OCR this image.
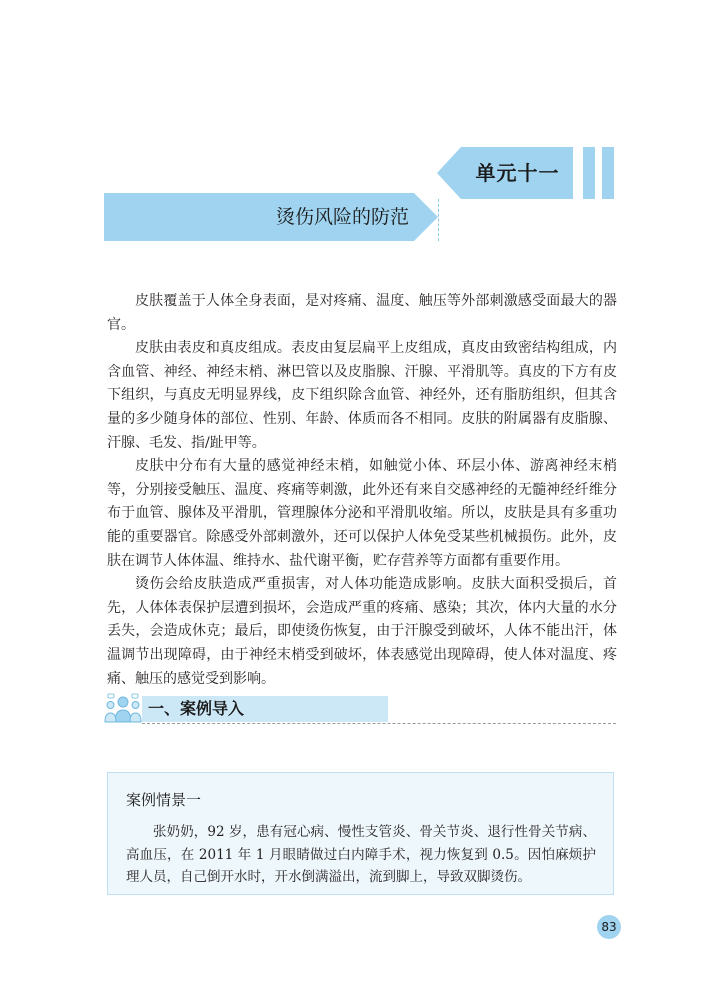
单元十一
烫伤风险的防范

皮肤覆盖于人体全身表面，是对疼痛、温度、触压等外部刺激感受面最大的器官。

皮肤由表皮和真皮组成。表皮由复层扁平上皮组成，真皮由致密结构组成，内含血管、神经、神经末梢、淋巴管以及皮脂腺、汗腺、平滑肌等。真皮的下方有皮下组织，与真皮无明显界线，皮下组织除含血管、神经外，还有脂肪组织，但其含量的多少随身体的部位、性别、年龄、体质而各不相同。皮肤的附属器有皮脂腺、汗腺、毛发、指/趾甲等。

皮肤中分布有大量的感觉神经末梢，如触觉小体、环层小体、游离神经末梢等，分别接受触压、温度、疼痛等刺激，此外还有来自交感神经的无髓神经纤维分布于血管、腺体及平滑肌，管理腺体分泌和平滑肌收缩。所以，皮肤是具有多重功能的重要器官。除感受外部刺激外，还可以保护人体免受某些机械损伤。此外，皮肤在调节人体体温、维持水、盐代谢平衡，贮存营养等方面都有重要作用。

烫伤会给皮肤造成严重损害，对人体功能造成影响。皮肤大面积受损后，首先，人体体表保护层遭到损坏，会造成严重的疼痛、感染；其次，体内大量的水分丢失，会造成休克；最后，即使烫伤恢复，由于汗腺受到破坏，人体不能出汗，体温调节出现障碍，由于神经末梢受到破坏，体表感觉出现障碍，使人体对温度、疼痛、触压的感觉受到影响。

一、案例导入
案例情景一

张奶奶，92 岁，患有冠心病、慢性支管炎、骨关节炎、退行性骨关节病、高血压，在 2011 年 1 月眼睛做过白内障手术，视力恢复到 0.5。因怕麻烦护理人员，自己倒开水时，开水倒满溢出，流到脚上，导致双脚烫伤。

83
